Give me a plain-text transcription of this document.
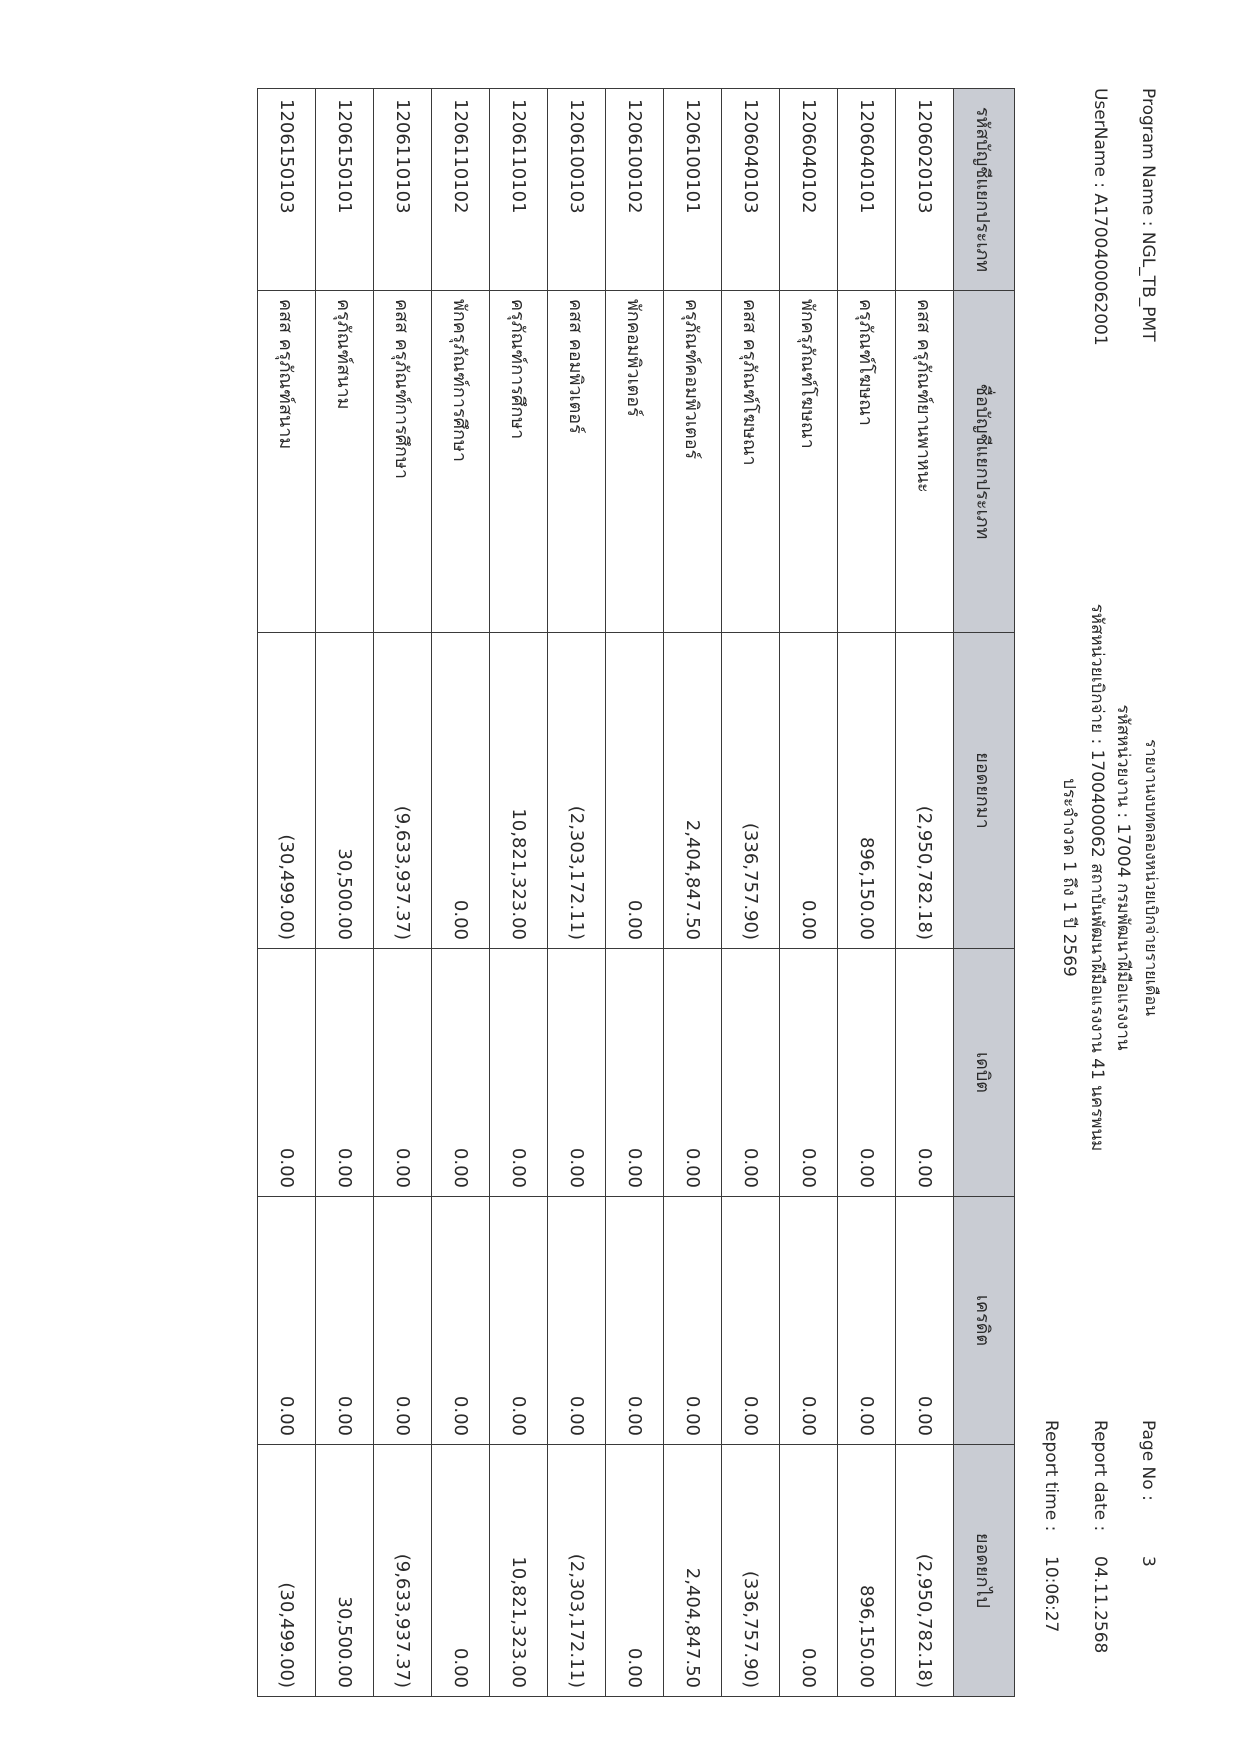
รายงานงบทดลองหน่วยเบิกจ่ายรายเดือน
รหัสหน่วยงาน : 17004 กรมพัฒนาฝีมือแรงงาน
รหัสหน่วยเบิกจ่าย : 1700400062 สถาบันพัฒนาฝีมือแรงงาน 41 นครพนม
ประจำงวด 1 ถึง 1 ปี 2569
Program Name : NGL_TB_PMT
UserName : A1700400062001
Page No :3
Report date :04.11.2568
Report time :10:06:27
รหัสบัญชีแยกประเภท	ชื่อบัญชีแยกประเภท	ยอดยกมา	เดบิต	เครดิต	ยอดยกไป
1206020103	คสส ครุภัณฑ์ยานพาหนะ	(2,950,782.18)	0.00	0.00	(2,950,782.18)
1206040101	ครุภัณฑ์โฆษณา	896,150.00	0.00	0.00	896,150.00
1206040102	พักครุภัณฑ์โฆษณา	0.00	0.00	0.00	0.00
1206040103	คสส ครุภัณฑ์โฆษณา	(336,757.90)	0.00	0.00	(336,757.90)
1206100101	ครุภัณฑ์คอมพิวเตอร์	2,404,847.50	0.00	0.00	2,404,847.50
1206100102	พักคอมพิวเตอร์	0.00	0.00	0.00	0.00
1206100103	คสส คอมพิวเตอร์	(2,303,172.11)	0.00	0.00	(2,303,172.11)
1206110101	ครุภัณฑ์การศึกษา	10,821,323.00	0.00	0.00	10,821,323.00
1206110102	พักครุภัณฑ์การศึกษา	0.00	0.00	0.00	0.00
1206110103	คสส ครุภัณฑ์การศึกษา	(9,633,937.37)	0.00	0.00	(9,633,937.37)
1206150101	ครุภัณฑ์สนาม	30,500.00	0.00	0.00	30,500.00
1206150103	คสส ครุภัณฑ์สนาม	(30,499.00)	0.00	0.00	(30,499.00)
